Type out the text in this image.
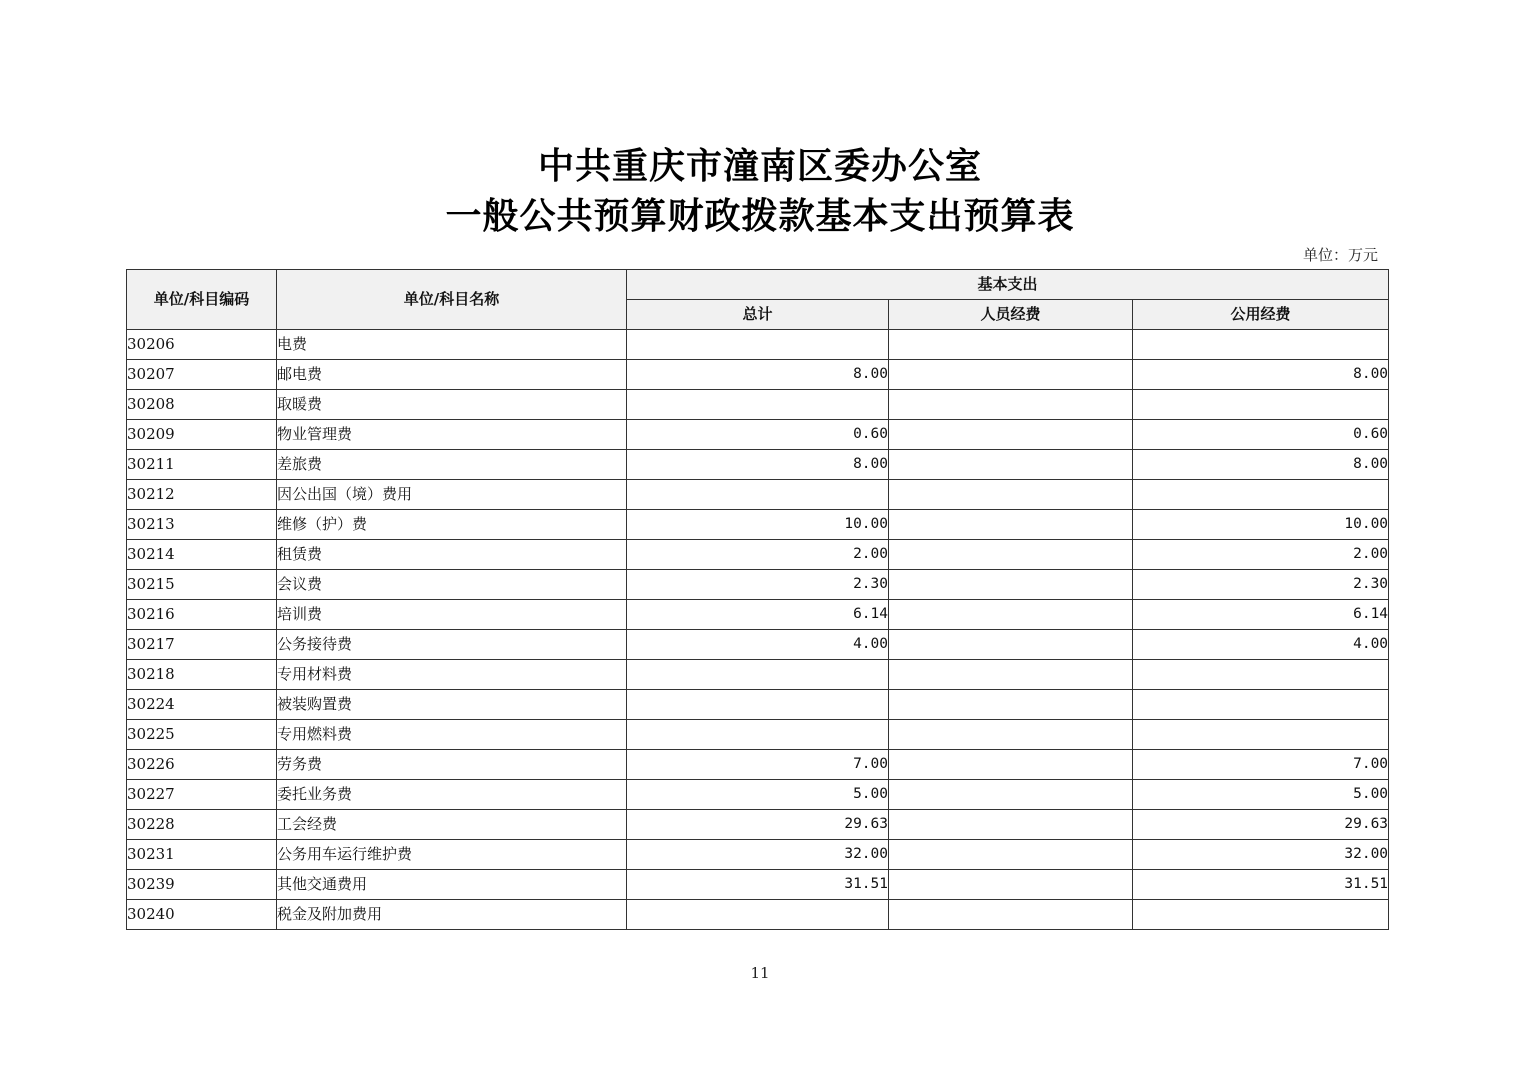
中共重庆市潼南区委办公室
一般公共预算财政拨款基本支出预算表
单位：万元
单位/科目编码	单位/科目名称	基本支出		
		总计	人员经费	公用经费
30206	电费			
30207	邮电费	8.00		8.00
30208	取暖费			
30209	物业管理费	0.60		0.60
30211	差旅费	8.00		8.00
30212	因公出国（境）费用			
30213	维修（护）费	10.00		10.00
30214	租赁费	2.00		2.00
30215	会议费	2.30		2.30
30216	培训费	6.14		6.14
30217	公务接待费	4.00		4.00
30218	专用材料费			
30224	被装购置费			
30225	专用燃料费			
30226	劳务费	7.00		7.00
30227	委托业务费	5.00		5.00
30228	工会经费	29.63		29.63
30231	公务用车运行维护费	32.00		32.00
30239	其他交通费用	31.51		31.51
30240	税金及附加费用			
11
